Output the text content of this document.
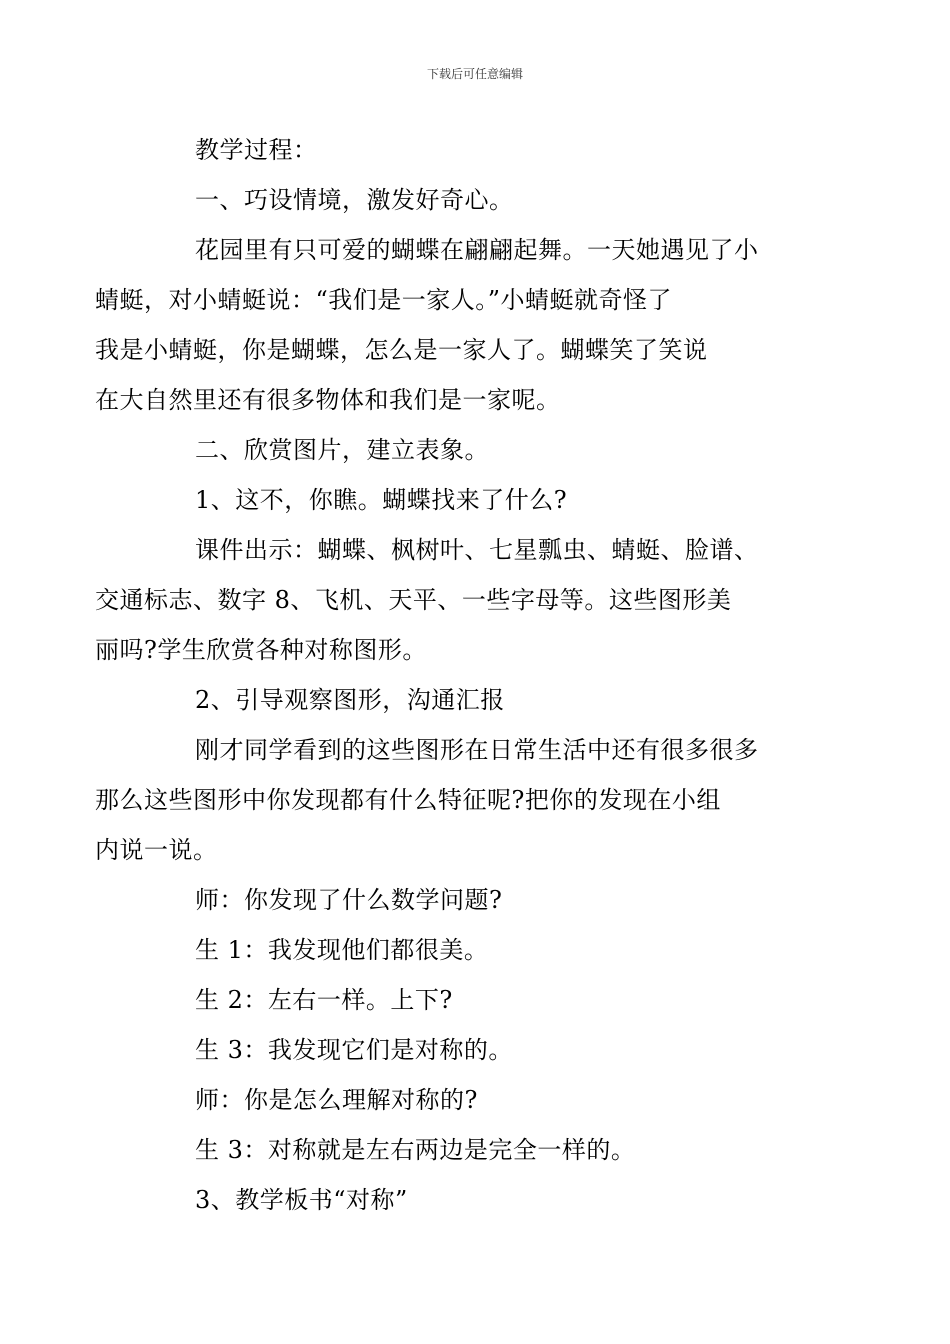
下载后可任意编辑

教学过程：

一、巧设情境，激发好奇心。

花园里有只可爱的蝴蝶在翩翩起舞。一天她遇见了小
蜻蜓，对小蜻蜓说：“我们是一家人。”小蜻蜓就奇怪了
我是小蜻蜓，你是蝴蝶，怎么是一家人了。蝴蝶笑了笑说
在大自然里还有很多物体和我们是一家呢。

二、欣赏图片，建立表象。

1、这不，你瞧。蝴蝶找来了什么?

课件出示：蝴蝶、枫树叶、七星瓢虫、蜻蜓、脸谱、
交通标志、数字 8、飞机、天平、一些字母等。这些图形美
丽吗?学生欣赏各种对称图形。

2、引导观察图形，沟通汇报

刚才同学看到的这些图形在日常生活中还有很多很多
那么这些图形中你发现都有什么特征呢?把你的发现在小组
内说一说。

师：你发现了什么数学问题?

生 1：我发现他们都很美。

生 2：左右一样。上下?

生 3：我发现它们是对称的。

师：你是怎么理解对称的?

生 3：对称就是左右两边是完全一样的。

3、教学板书“对称”
